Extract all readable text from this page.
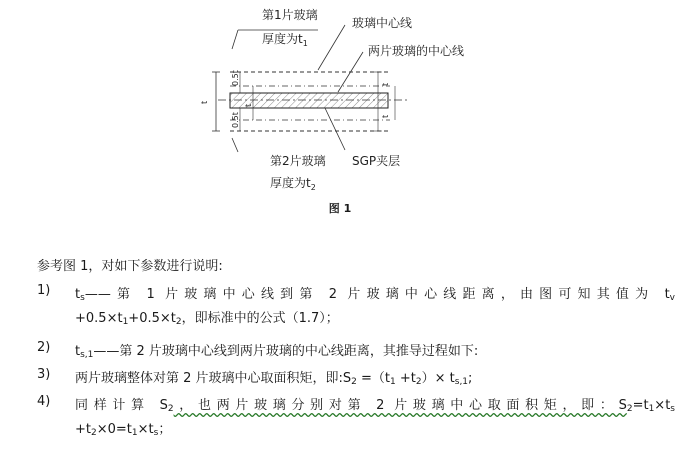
第1片玻璃
厚度为$t_1$
玻璃中心线
两片玻璃的中心线
第2片玻璃
厚度为$t_2$
SGP夹层
t
0.5t
0.5t
t
t
t
图 1
参考图 1，对如下参数进行说明:
1) $t_s——$第 1 片玻璃中心线到第 2 片玻璃中心线距离，由图可知其值为 $t_v$
$+0.5\times t_1+0.5\times t_2$，即标准中的公式（1.7）；
2) $t_{s,1}——$第 2 片玻璃中心线到两片玻璃的中心线距离，其推导过程如下:
3) 两片玻璃整体对第 2 片玻璃中心取面积矩，即$:S_2 =(t_1 +t_2)\times t_{s,1}$;
4) 同样计算 $S_2$，也两片玻璃分别对第 2 片玻璃中心取面积矩，即：$S_2=t_1\times t_s$
$+t_2\times 0=t_1\times t_s$；
